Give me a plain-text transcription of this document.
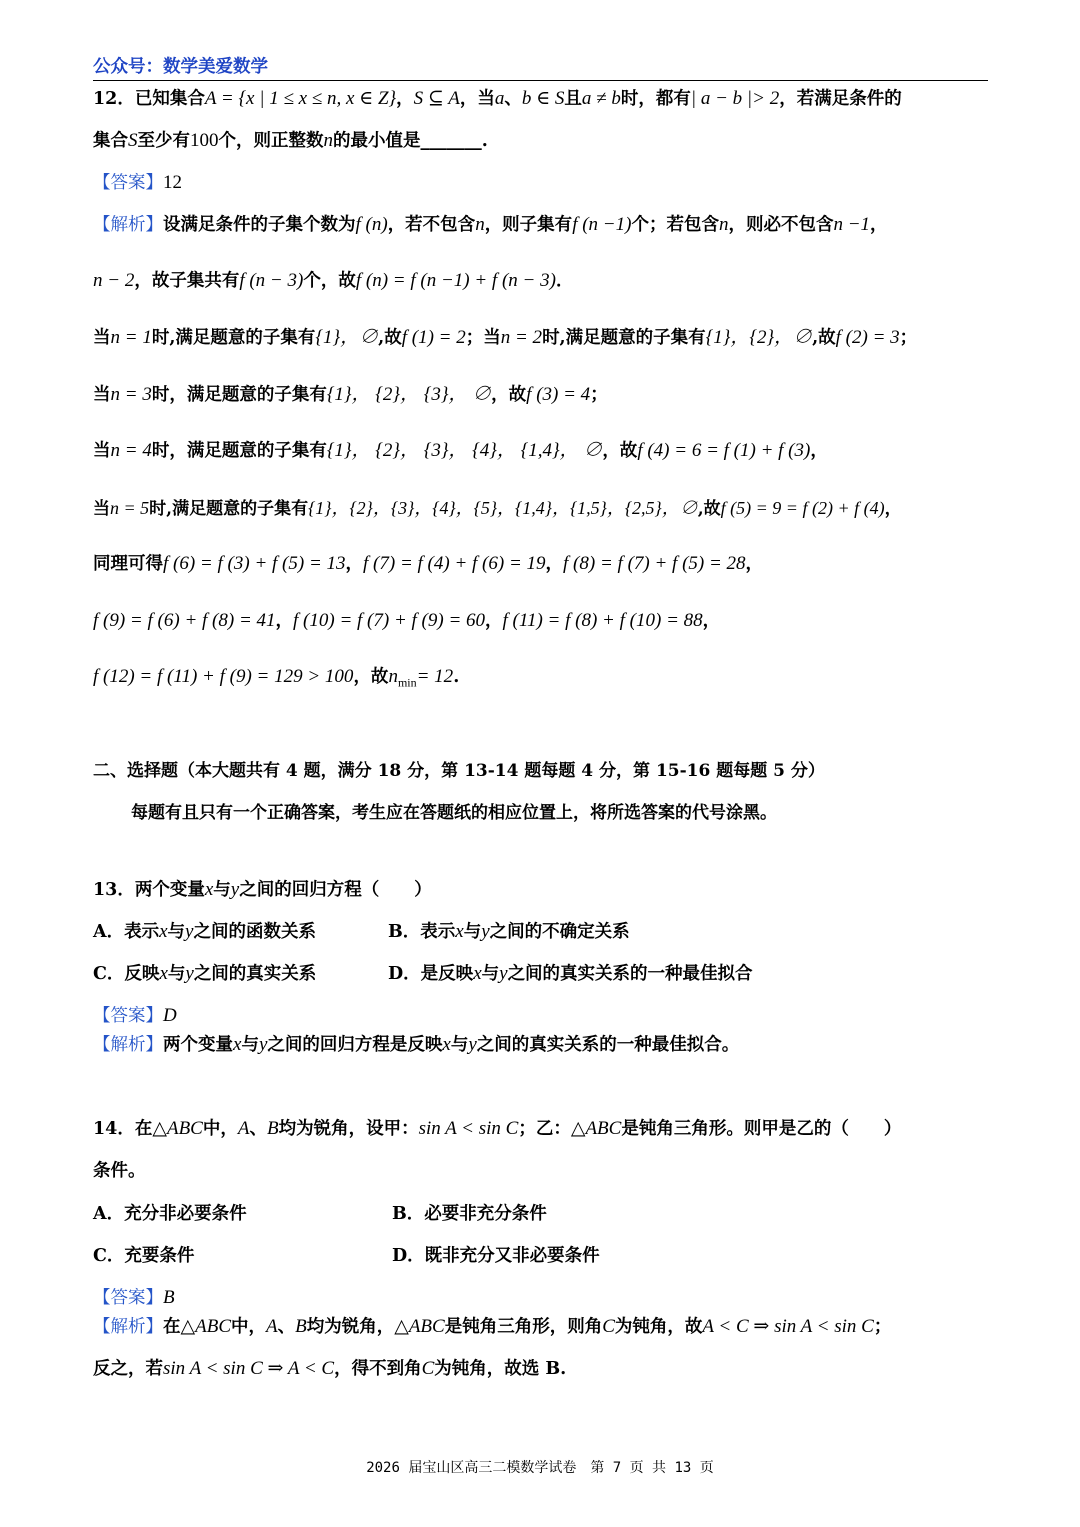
公众号：数学美爱数学
12．已知集合A = {x | 1 ≤ x ≤ n, x ∈ Z}，S ⊆ A，当a、b ∈ S且a ≠ b时，都有| a − b |> 2，若满足条件的
集合S至少有100个，则正整数n的最小值是_______.
【答案】12
【解析】设满足条件的子集个数为f (n)，若不包含n，则子集有f (n −1)个；若包含n，则必不包含n −1，
n − 2，故子集共有f (n − 3)个，故f (n) = f (n −1) + f (n − 3)．
当n = 1时,满足题意的子集有{1}，∅,故f (1) = 2；当n = 2时,满足题意的子集有{1}，{2}，∅,故f (2) = 3；
当n = 3时，满足题意的子集有{1}， {2}， {3}， ∅，故f (3) = 4；
当n = 4时，满足题意的子集有{1}， {2}， {3}， {4}， {1,4}， ∅，故f (4) = 6 = f (1) + f (3)，
当n = 5时,满足题意的子集有{1}，{2}，{3}，{4}，{5}，{1,4}，{1,5}，{2,5}，∅,故f (5) = 9 = f (2) + f (4)，
同理可得f (6) = f (3) + f (5) = 13，f (7) = f (4) + f (6) = 19，f (8) = f (7) + f (5) = 28，
f (9) = f (6) + f (8) = 41，f (10) = f (7) + f (9) = 60，f (11) = f (8) + f (10) = 88，
f (12) = f (11) + f (9) = 129 > 100，故$n_{min}= 12$.
二、选择题（本大题共有 4 题，满分 18 分，第 13-14 题每题 4 分，第 15-16 题每题 5 分）
每题有且只有一个正确答案，考生应在答题纸的相应位置上，将所选答案的代号涂黑。
13．两个变量x与y之间的回归方程（　　）
A．表示x与y之间的函数关系	B．表示x与y之间的不确定关系
C．反映x与y之间的真实关系	D．是反映x与y之间的真实关系的一种最佳拟合
【答案】D
【解析】两个变量x与y之间的回归方程是反映x与y之间的真实关系的一种最佳拟合。
14．在△ABC中，A、B均为锐角，设甲：sin A < sin C；乙：△ABC是钝角三角形。则甲是乙的（　　）
条件。
A．充分非必要条件	B．必要非充分条件
C．充要条件	D．既非充分又非必要条件
【答案】B
【解析】在△ABC中，A、B均为锐角，△ABC是钝角三角形，则角C为钝角，故A < C ⇒ sin A < sin C；
反之，若sin A < sin C ⇒ A < C，得不到角C为钝角，故选 B.
2026 届宝山区高三二模数学试卷　第 7 页 共 13 页
